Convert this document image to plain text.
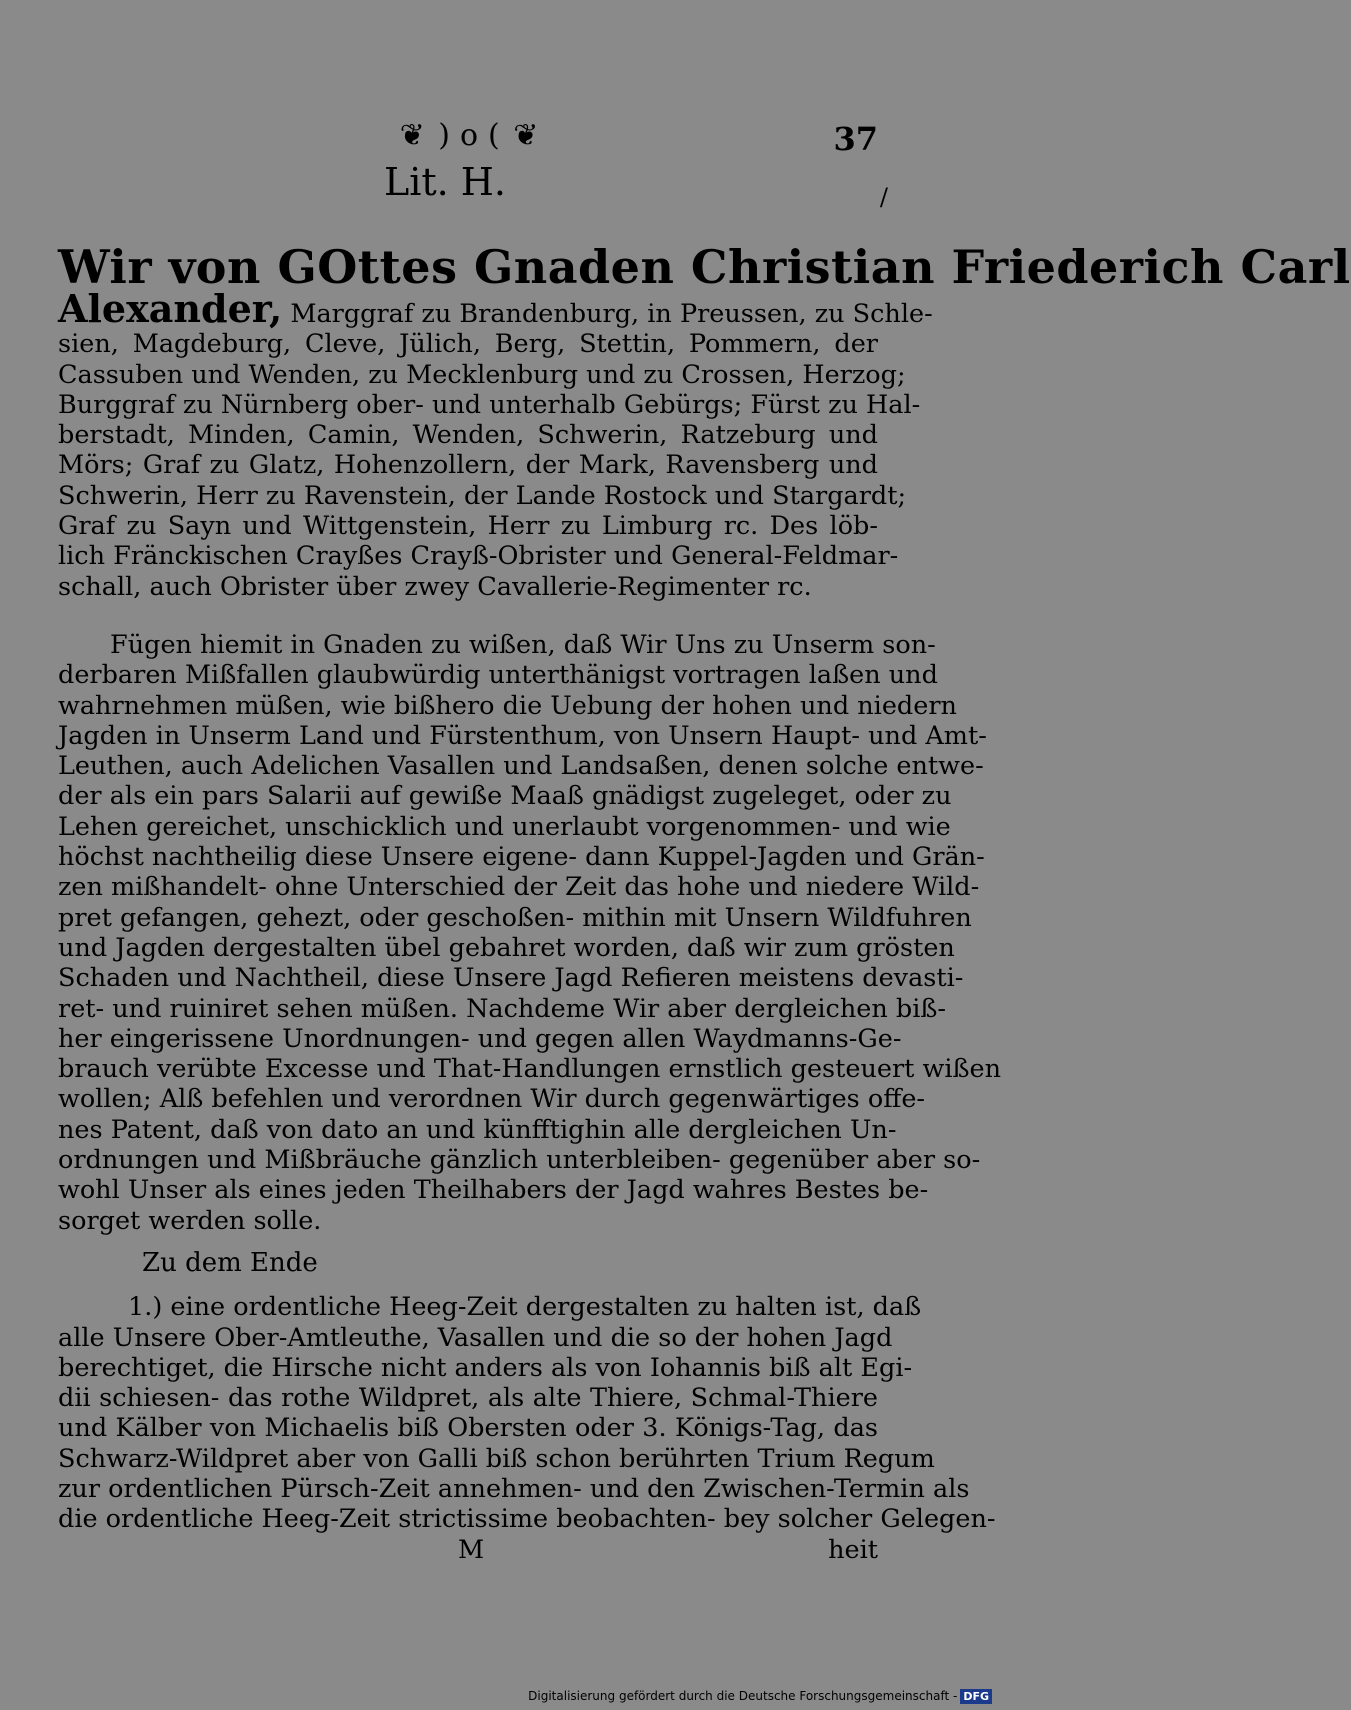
❦ ) o ( ❦	37
Lit. H.	∕
Wir von GOttes Gnaden Christian Friederich Carl
Alexander, Marggraf zu Brandenburg, in Preussen, zu Schle-
sien, Magdeburg, Cleve, Jülich, Berg, Stettin, Pommern, der
Cassuben und Wenden, zu Mecklenburg und zu Crossen, Herzog;
Burggraf zu Nürnberg ober- und unterhalb Gebürgs; Fürst zu Hal-
berstadt, Minden, Camin, Wenden, Schwerin, Ratzeburg und
Mörs; Graf zu Glatz, Hohenzollern, der Mark, Ravensberg und
Schwerin, Herr zu Ravenstein, der Lande Rostock und Stargardt;
Graf zu Sayn und Wittgenstein, Herr zu Limburg rc. Des löb-
lich Fränckischen Crayßes Crayß-Obrister und General-Feldmar-
schall, auch Obrister über zwey Cavallerie-Regimenter rc.
Fügen hiemit in Gnaden zu wißen, daß Wir Uns zu Unserm son-
derbaren Mißfallen glaubwürdig unterthänigst vortragen laßen und
wahrnehmen müßen, wie bißhero die Uebung der hohen und niedern
Jagden in Unserm Land und Fürstenthum, von Unsern Haupt- und Amt-
Leuthen, auch Adelichen Vasallen und Landsaßen, denen solche entwe-
der als ein pars Salarii auf gewiße Maaß gnädigst zugeleget, oder zu
Lehen gereichet, unschicklich und unerlaubt vorgenommen- und wie
höchst nachtheilig diese Unsere eigene- dann Kuppel-Jagden und Grän-
zen mißhandelt- ohne Unterschied der Zeit das hohe und niedere Wild-
pret gefangen, gehezt, oder geschoßen- mithin mit Unsern Wildfuhren
und Jagden dergestalten übel gebahret worden, daß wir zum grösten
Schaden und Nachtheil, diese Unsere Jagd Refieren meistens devasti-
ret- und ruiniret sehen müßen. Nachdeme Wir aber dergleichen biß-
her eingerissene Unordnungen- und gegen allen Waydmanns-Ge-
brauch verübte Excesse und That-Handlungen ernstlich gesteuert wißen
wollen; Alß befehlen und verordnen Wir durch gegenwärtiges offe-
nes Patent, daß von dato an und künfftighin alle dergleichen Un-
ordnungen und Mißbräuche gänzlich unterbleiben- gegenüber aber so-
wohl Unser als eines jeden Theilhabers der Jagd wahres Bestes be-
sorget werden solle.
Zu dem Ende
1.) eine ordentliche Heeg-Zeit dergestalten zu halten ist, daß
alle Unsere Ober-Amtleuthe, Vasallen und die so der hohen Jagd
berechtiget, die Hirsche nicht anders als von Iohannis biß alt Egi-
dii schiesen- das rothe Wildpret, als alte Thiere, Schmal-Thiere
und Kälber von Michaelis biß Obersten oder 3. Königs-Tag, das
Schwarz-Wildpret aber von Galli biß schon berührten Trium Regum
zur ordentlichen Pürsch-Zeit annehmen- und den Zwischen-Termin als
die ordentliche Heeg-Zeit strictissime beobachten- bey solcher Gelegen-
M	heit
Digitalisierung gefördert durch die Deutsche Forschungsgemeinschaft - DFG
